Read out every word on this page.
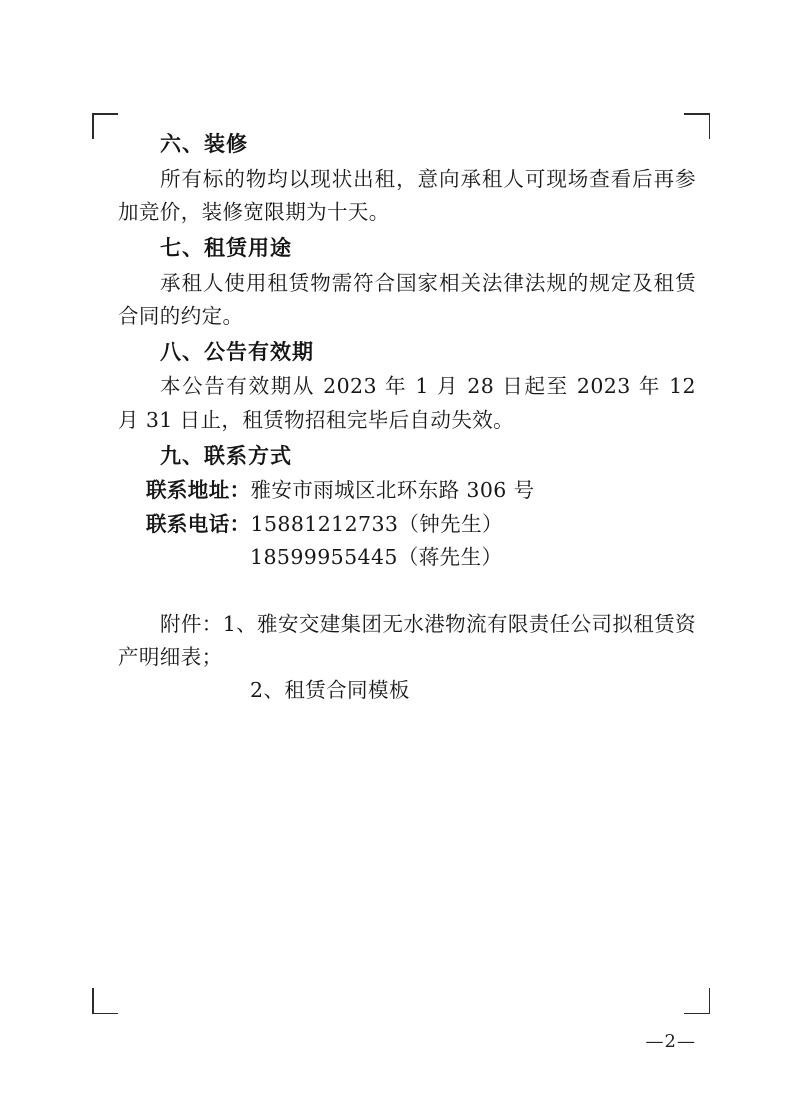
六、装修

所有标的物均以现状出租，意向承租人可现场查看后再参加竞价，装修宽限期为十天。

七、租赁用途

承租人使用租赁物需符合国家相关法律法规的规定及租赁合同的约定。

八、公告有效期

本公告有效期从 2023 年 1 月 28 日起至 2023 年 12 月 31 日止，租赁物招租完毕后自动失效。

九、联系方式

联系地址：雅安市雨城区北环东路 306 号

联系电话：15881212733（钟先生）

18599955445（蒋先生）

附件：1、雅安交建集团无水港物流有限责任公司拟租赁资产明细表；

2、租赁合同模板

—2—
